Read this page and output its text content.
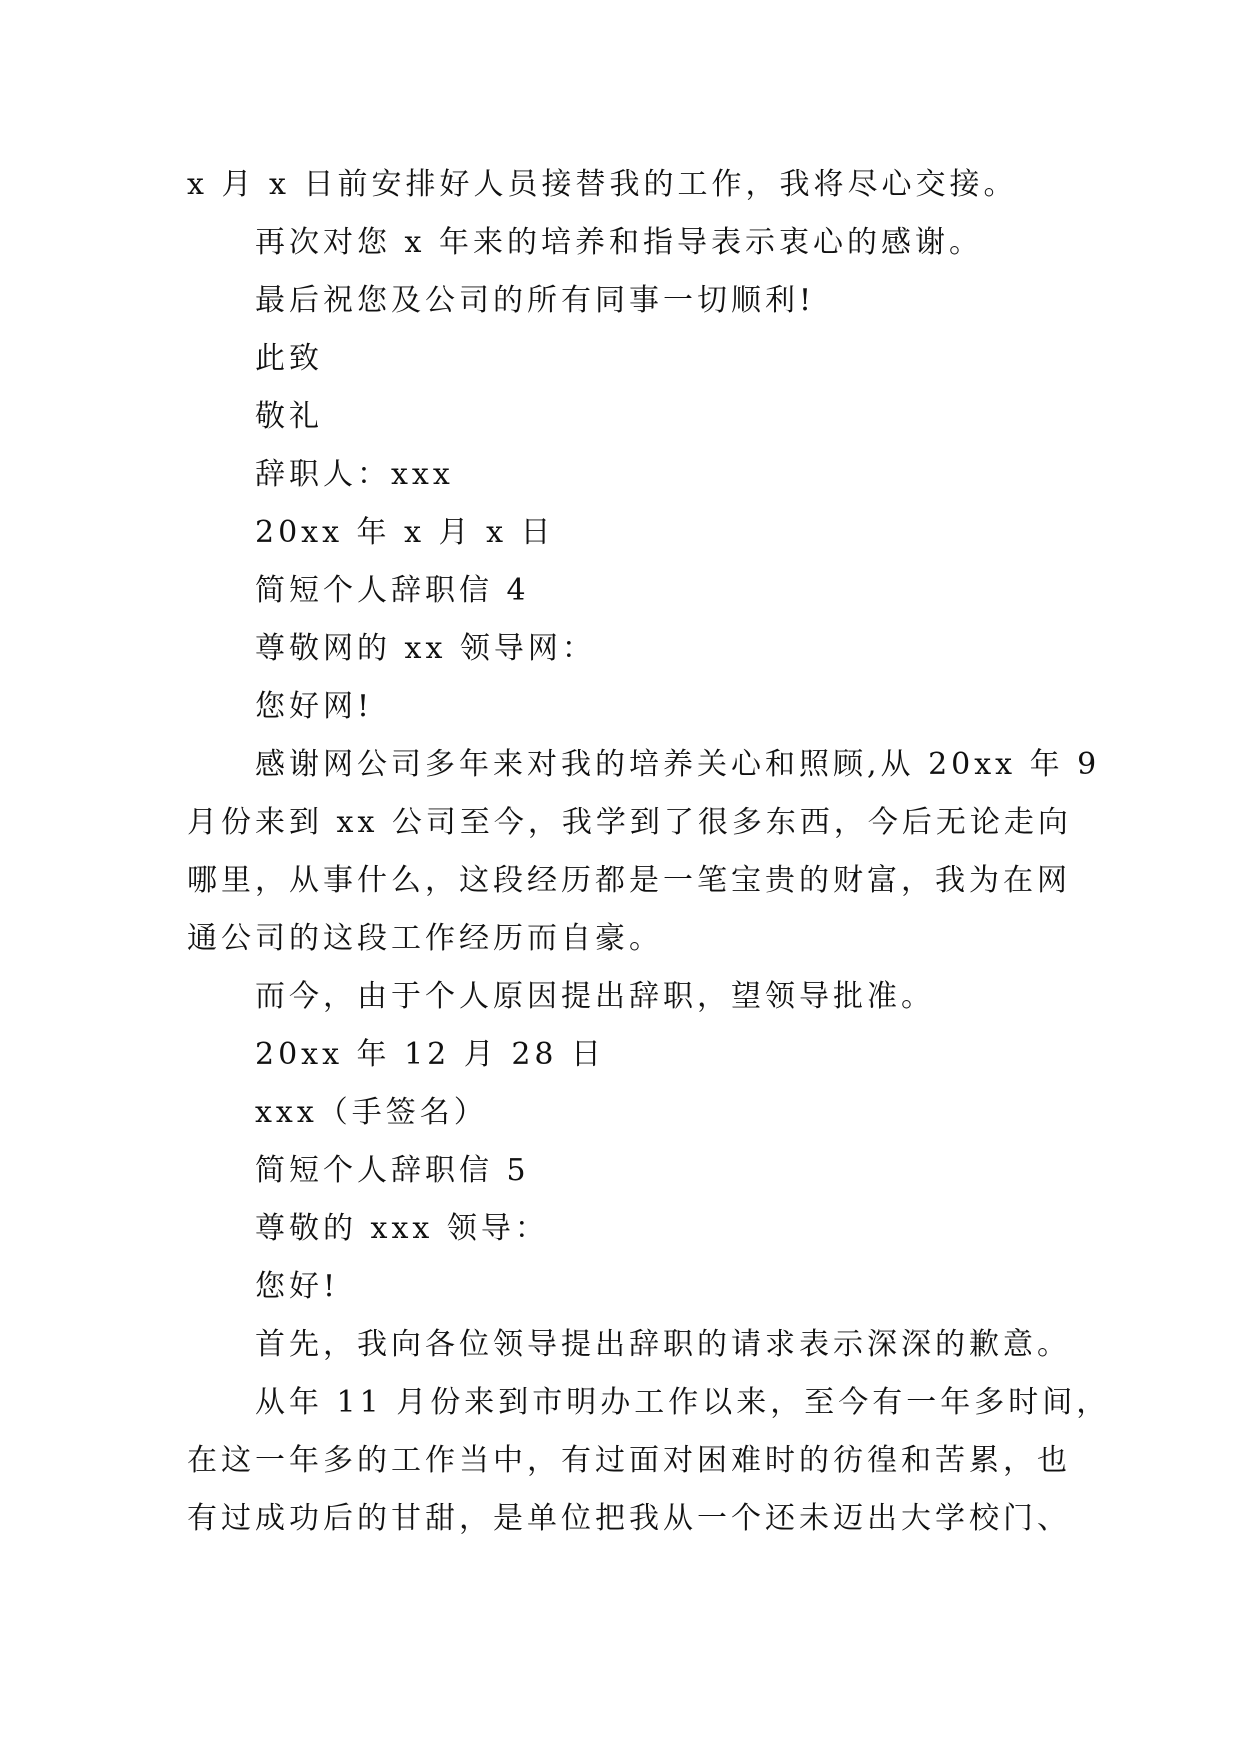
x 月 x 日前安排好人员接替我的工作，我将尽心交接。

再次对您 x 年来的培养和指导表示衷心的感谢。

最后祝您及公司的所有同事一切顺利!

此致

敬礼

辞职人：xxx

20xx 年 x 月 x 日

简短个人辞职信 4

尊敬网的 xx 领导网：

您好网!

感谢网公司多年来对我的培养关心和照顾,从 20xx 年 9

月份来到 xx 公司至今，我学到了很多东西，今后无论走向

哪里，从事什么，这段经历都是一笔宝贵的财富，我为在网

通公司的这段工作经历而自豪。

而今，由于个人原因提出辞职，望领导批准。

20xx 年 12 月 28 日

xxx（手签名）

简短个人辞职信 5

尊敬的 xxx 领导：

您好!

首先，我向各位领导提出辞职的请求表示深深的歉意。

从年 11 月份来到市明办工作以来，至今有一年多时间，

在这一年多的工作当中，有过面对困难时的彷徨和苦累，也

有过成功后的甘甜，是单位把我从一个还未迈出大学校门、
